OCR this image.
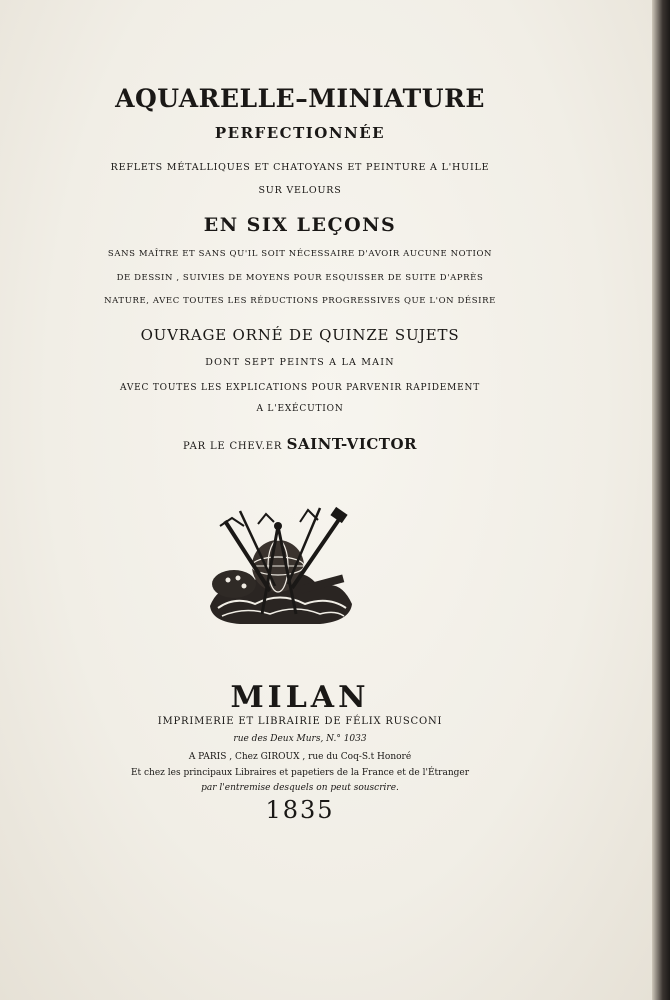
AQUARELLE–MINIATURE
PERFECTIONNÉE
REFLETS MÉTALLIQUES ET CHATOYANS ET PEINTURE A L'HUILE
SUR VELOURS
EN SIX LEÇONS
SANS MAÎTRE ET SANS QU'IL SOIT NÉCESSAIRE D'AVOIR AUCUNE NOTION
DE DESSIN , SUIVIES DE MOYENS POUR ESQUISSER DE SUITE D'APRÈS
NATURE, AVEC TOUTES LES RÉDUCTIONS PROGRESSIVES QUE L'ON DÉSIRE
OUVRAGE ORNÉ DE QUINZE SUJETS
DONT SEPT PEINTS A LA MAIN
AVEC TOUTES LES EXPLICATIONS POUR PARVENIR RAPIDEMENT
A L'EXÉCUTION
PAR LE CHEV.ER SAINT-VICTOR
MILAN
IMPRIMERIE ET LIBRAIRIE DE FÉLIX RUSCONI
rue des Deux Murs, N.° 1033
A PARIS , Chez GIROUX , rue du Coq-S.t Honoré
Et chez les principaux Libraires et papetiers de la France et de l'Étranger
par l'entremise desquels on peut souscrire.
1835
